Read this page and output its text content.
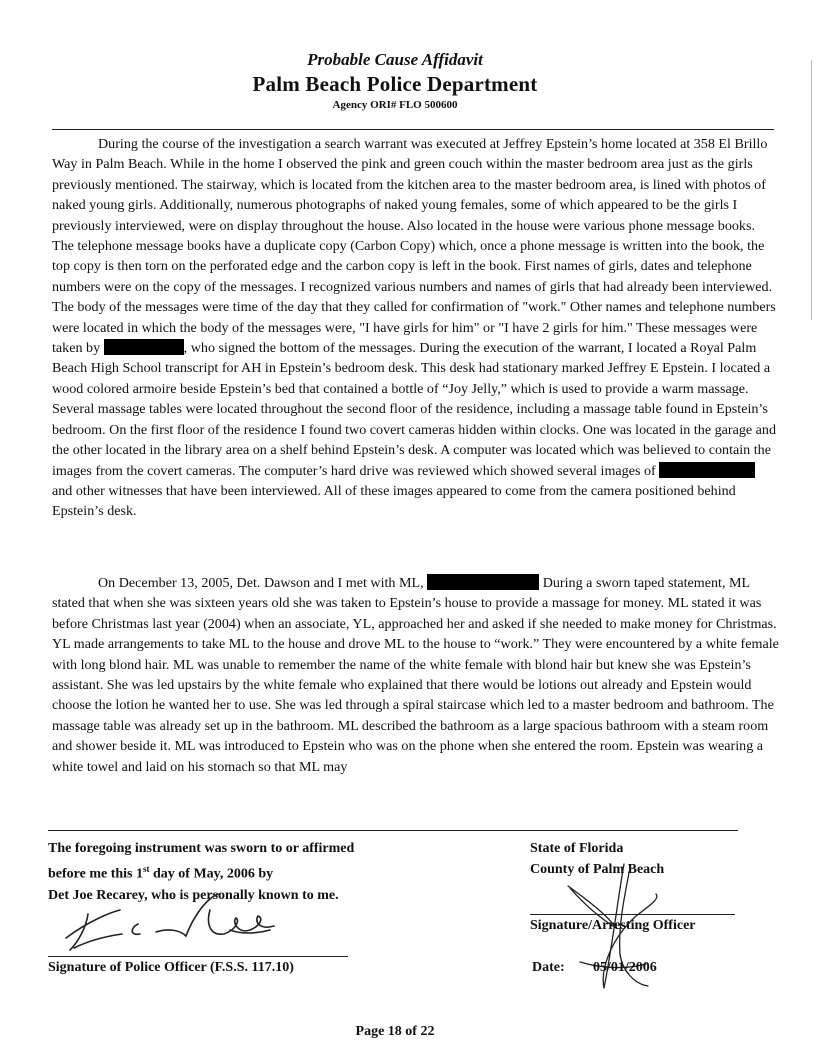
Probable Cause Affidavit
Palm Beach Police Department
Agency ORI# FLO 500600

During the course of the investigation a search warrant was executed at Jeffrey Epstein’s home located at 358 El Brillo Way in Palm Beach. While in the home I observed the pink and green couch within the master bedroom area just as the girls previously mentioned. The stairway, which is located from the kitchen area to the master bedroom area, is lined with photos of naked young girls. Additionally, numerous photographs of naked young females, some of which appeared to be the girls I previously interviewed, were on display throughout the house. Also located in the house were various phone message books. The telephone message books have a duplicate copy (Carbon Copy) which, once a phone message is written into the book, the top copy is then torn on the perforated edge and the carbon copy is left in the book. First names of girls, dates and telephone numbers were on the copy of the messages. I recognized various numbers and names of girls that had already been interviewed. The body of the messages were time of the day that they called for confirmation of "work." Other names and telephone numbers were located in which the body of the messages were, "I have girls for him" or "I have 2 girls for him." These messages were taken by	, who signed the bottom of the messages. During the execution of the warrant, I located a Royal Palm Beach High School transcript for AH in Epstein’s bedroom desk. This desk had stationary marked Jeffrey E Epstein. I located a wood colored armoire beside Epstein’s bed that contained a bottle of “Joy Jelly,” which is used to provide a warm massage. Several massage tables were located throughout the second floor of the residence, including a massage table found in Epstein’s bedroom. On the first floor of the residence I found two covert cameras hidden within clocks. One was located in the garage and the other located in the library area on a shelf behind Epstein’s desk. A computer was located which was believed to contain the images from the covert cameras. The computer’s hard drive was reviewed which showed several images of  and other witnesses that have been interviewed. All of these images appeared to come from the camera positioned behind Epstein’s desk.

On December 13, 2005, Det. Dawson and I met with ML,	During a sworn taped statement, ML stated that when she was sixteen years old she was taken to Epstein’s house to provide a massage for money. ML stated it was before Christmas last year (2004) when an associate, YL, approached her and asked if she needed to make money for Christmas. YL made arrangements to take ML to the house and drove ML to the house to “work.” They were encountered by a white female with long blond hair. ML was unable to remember the name of the white female with blond hair but knew she was Epstein’s assistant. She was led upstairs by the white female who explained that there would be lotions out already and Epstein would choose the lotion he wanted her to use. She was led through a spiral staircase which led to a master bedroom and bathroom. The massage table was already set up in the bathroom. ML described the bathroom as a large spacious bathroom with a steam room and shower beside it. ML was introduced to Epstein who was on the phone when she entered the room. Epstein was wearing a white towel and laid on his stomach so that ML may

The foregoing instrument was sworn to or affirmed
before me this 1st day of May, 2006 by
Det Joe Recarey, who is personally known to me.
State of Florida
County of Palm Beach
Signature of Police Officer (F.S.S. 117.10)
Signature/Arresting Officer
Date: 05/01/2006
Page 18 of 22
